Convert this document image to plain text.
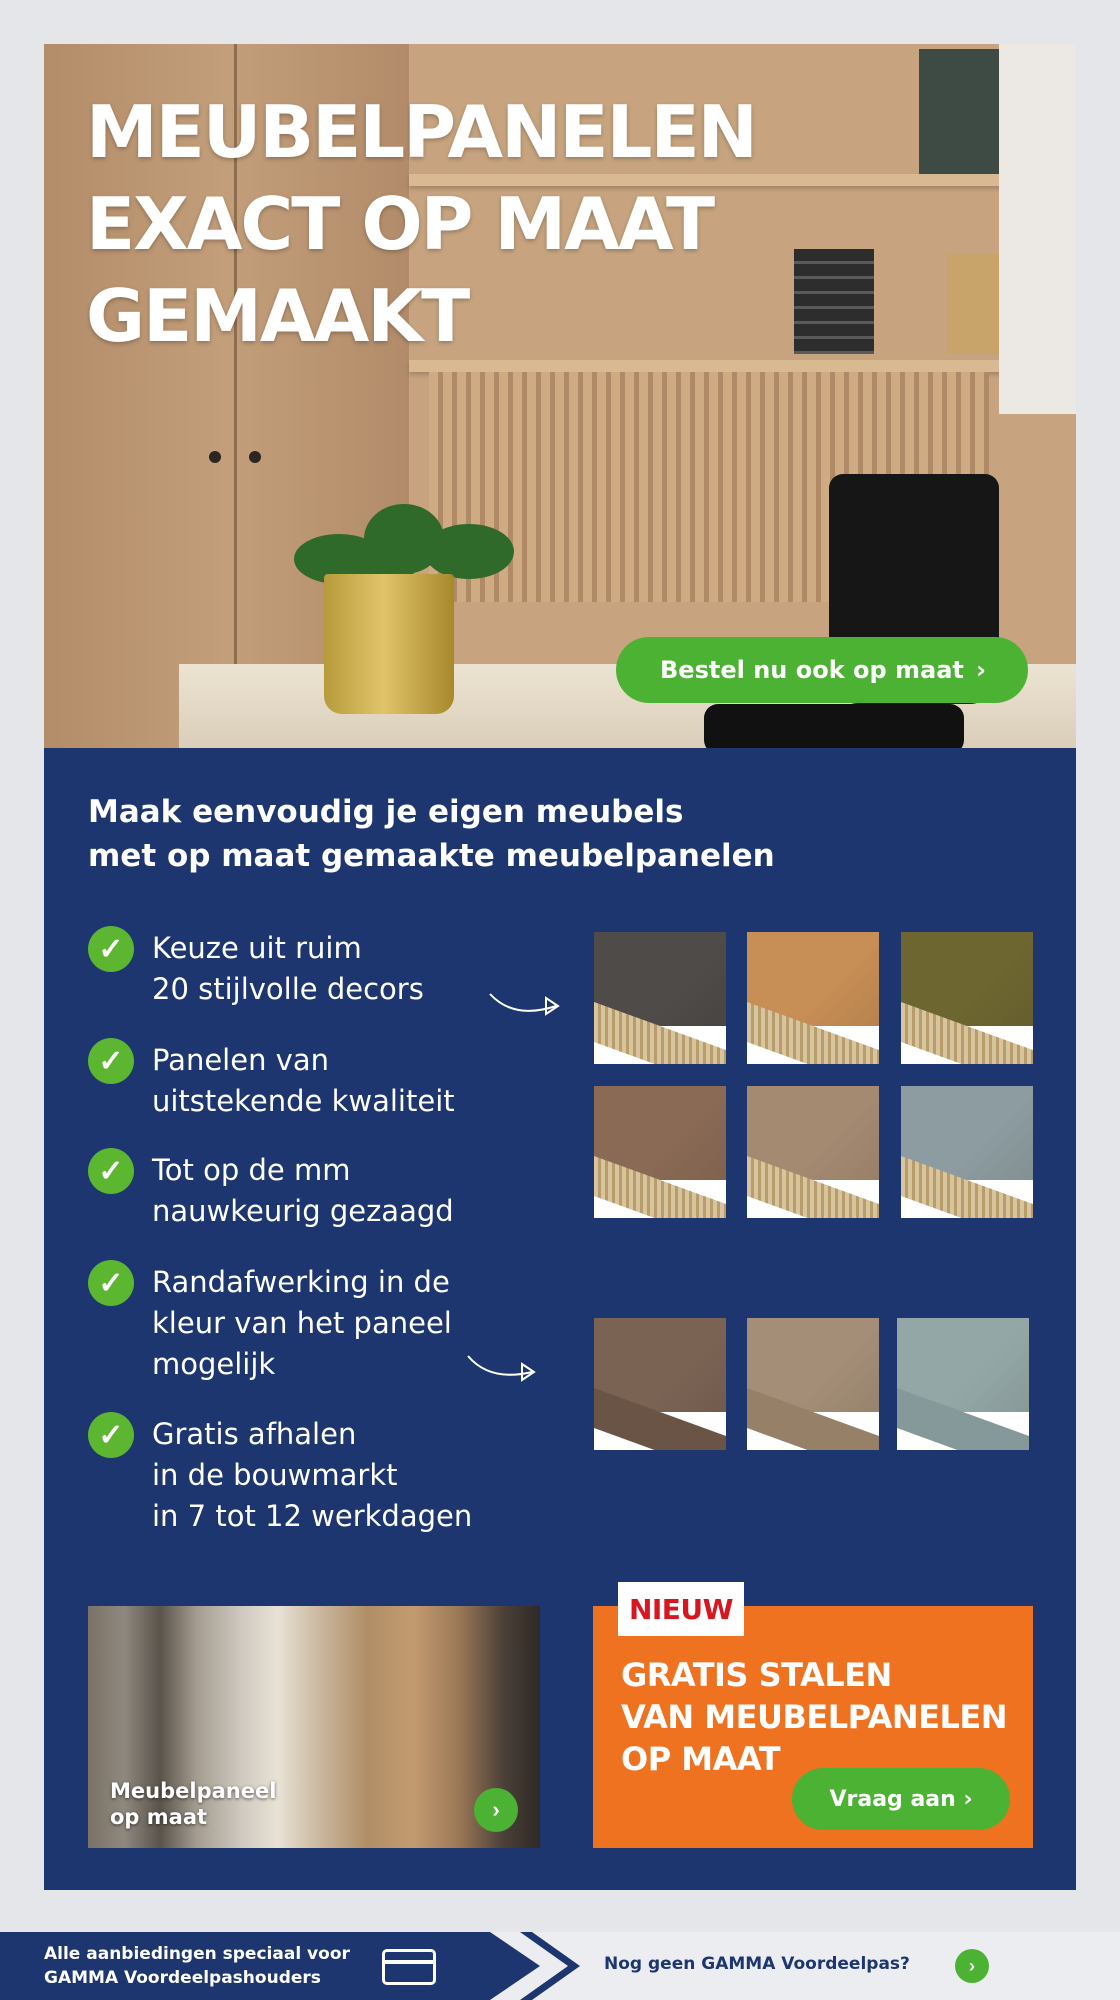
MEUBELPANELEN
EXACT OP MAAT
GEMAAKT
Bestel nu ook op maat ›
Maak eenvoudig je eigen meubels
met op maat gemaakte meubelpanelen
✓ Keuze uit ruim
20 stijlvolle decors
✓ Panelen van
uitstekende kwaliteit
✓ Tot op de mm
nauwkeurig gezaagd
✓ Randafwerking in de
kleur van het paneel
mogelijk
✓ Gratis afhalen
in de bouwmarkt
in 7 tot 12 werkdagen
Meubelpaneel
op maat	›
NIEUW
GRATIS STALEN
VAN MEUBELPANELEN
OP MAAT
Vraag aan ›
Alle aanbiedingen speciaal voor
GAMMA Voordeelpashouders
Nog geen GAMMA Voordeelpas?	›
